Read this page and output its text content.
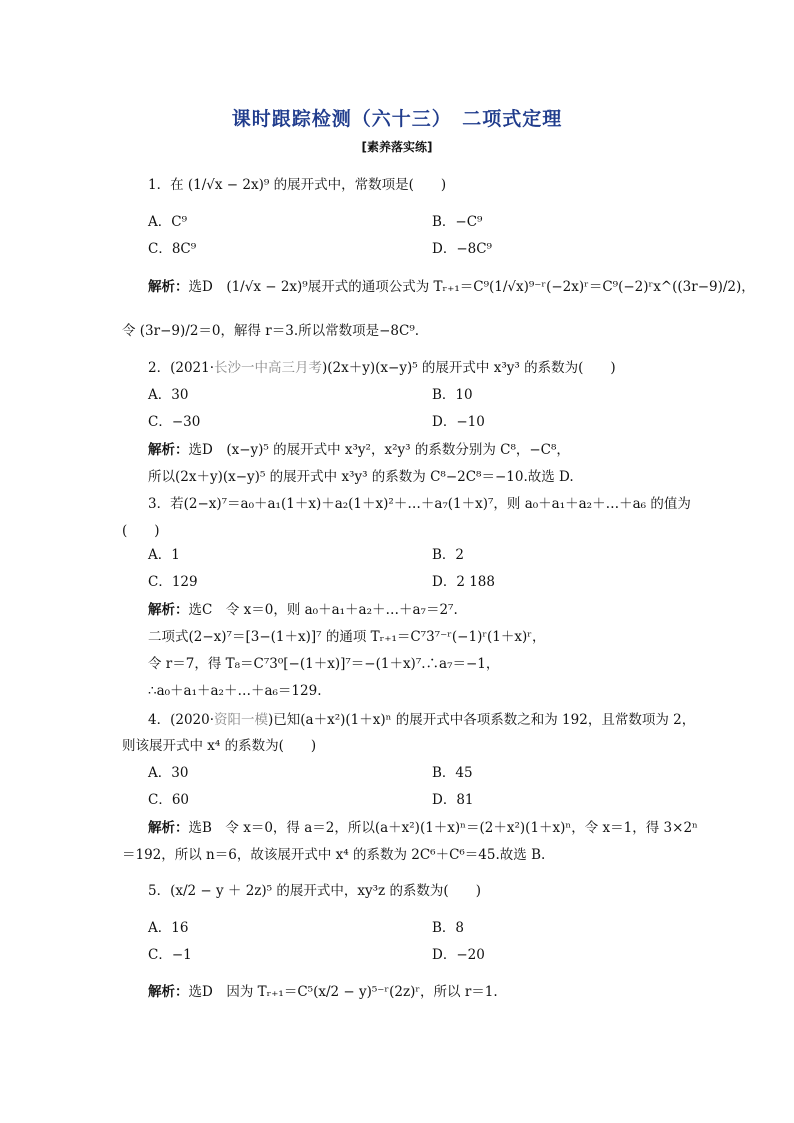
课时跟踪检测（六十三）　二项式定理
[素养落实练]
1．在 (1/√x − 2x)⁹ 的展开式中，常数项是(　　)
A．C⁹	B．−C⁹
C．8C⁹	D．−8C⁹
解析：选D　(1/√x − 2x)⁹展开式的通项公式为 Tᵣ₊₁＝C⁹(1/√x)⁹⁻ʳ(−2x)ʳ＝C⁹(−2)ʳx^((3r−9)/2)，
令 (3r−9)/2＝0，解得 r＝3.所以常数项是−8C⁹.
2．(2021·长沙一中高三月考)(2x＋y)(x−y)⁵ 的展开式中 x³y³ 的系数为(　　)
A．30	B．10
C．−30	D．−10
解析：选D　(x−y)⁵ 的展开式中 x³y²，x²y³ 的系数分别为 C⁸，−C⁸，
所以(2x＋y)(x−y)⁵ 的展开式中 x³y³ 的系数为 C⁸−2C⁸＝−10.故选 D.
3．若(2−x)⁷＝a₀＋a₁(1＋x)＋a₂(1＋x)²＋…＋a₇(1＋x)⁷，则 a₀＋a₁＋a₂＋…＋a₆ 的值为
(　　)
A．1	B．2
C．129	D．2 188
解析：选C　令 x＝0，则 a₀＋a₁＋a₂＋…＋a₇＝2⁷.
二项式(2−x)⁷＝[3−(1＋x)]⁷ 的通项 Tᵣ₊₁＝C⁷3⁷⁻ʳ(−1)ʳ(1＋x)ʳ，
令 r＝7，得 T₈＝C⁷3⁰[−(1＋x)]⁷＝−(1＋x)⁷.∴a₇＝−1，
∴a₀＋a₁＋a₂＋…＋a₆＝129.
4．(2020·资阳一模)已知(a＋x²)(1＋x)ⁿ 的展开式中各项系数之和为 192，且常数项为 2，
则该展开式中 x⁴ 的系数为(　　)
A．30	B．45
C．60	D．81
解析：选B　令 x＝0，得 a＝2，所以(a＋x²)(1＋x)ⁿ＝(2＋x²)(1＋x)ⁿ，令 x＝1，得 3×2ⁿ
＝192，所以 n＝6，故该展开式中 x⁴ 的系数为 2C⁶＋C⁶＝45.故选 B.
5．(x/2 − y ＋ 2z)⁵ 的展开式中，xy³z 的系数为(　　)
A．16	B．8
C．−1	D．−20
解析：选D　因为 Tᵣ₊₁＝C⁵(x/2 − y)⁵⁻ʳ(2z)ʳ，所以 r＝1.
